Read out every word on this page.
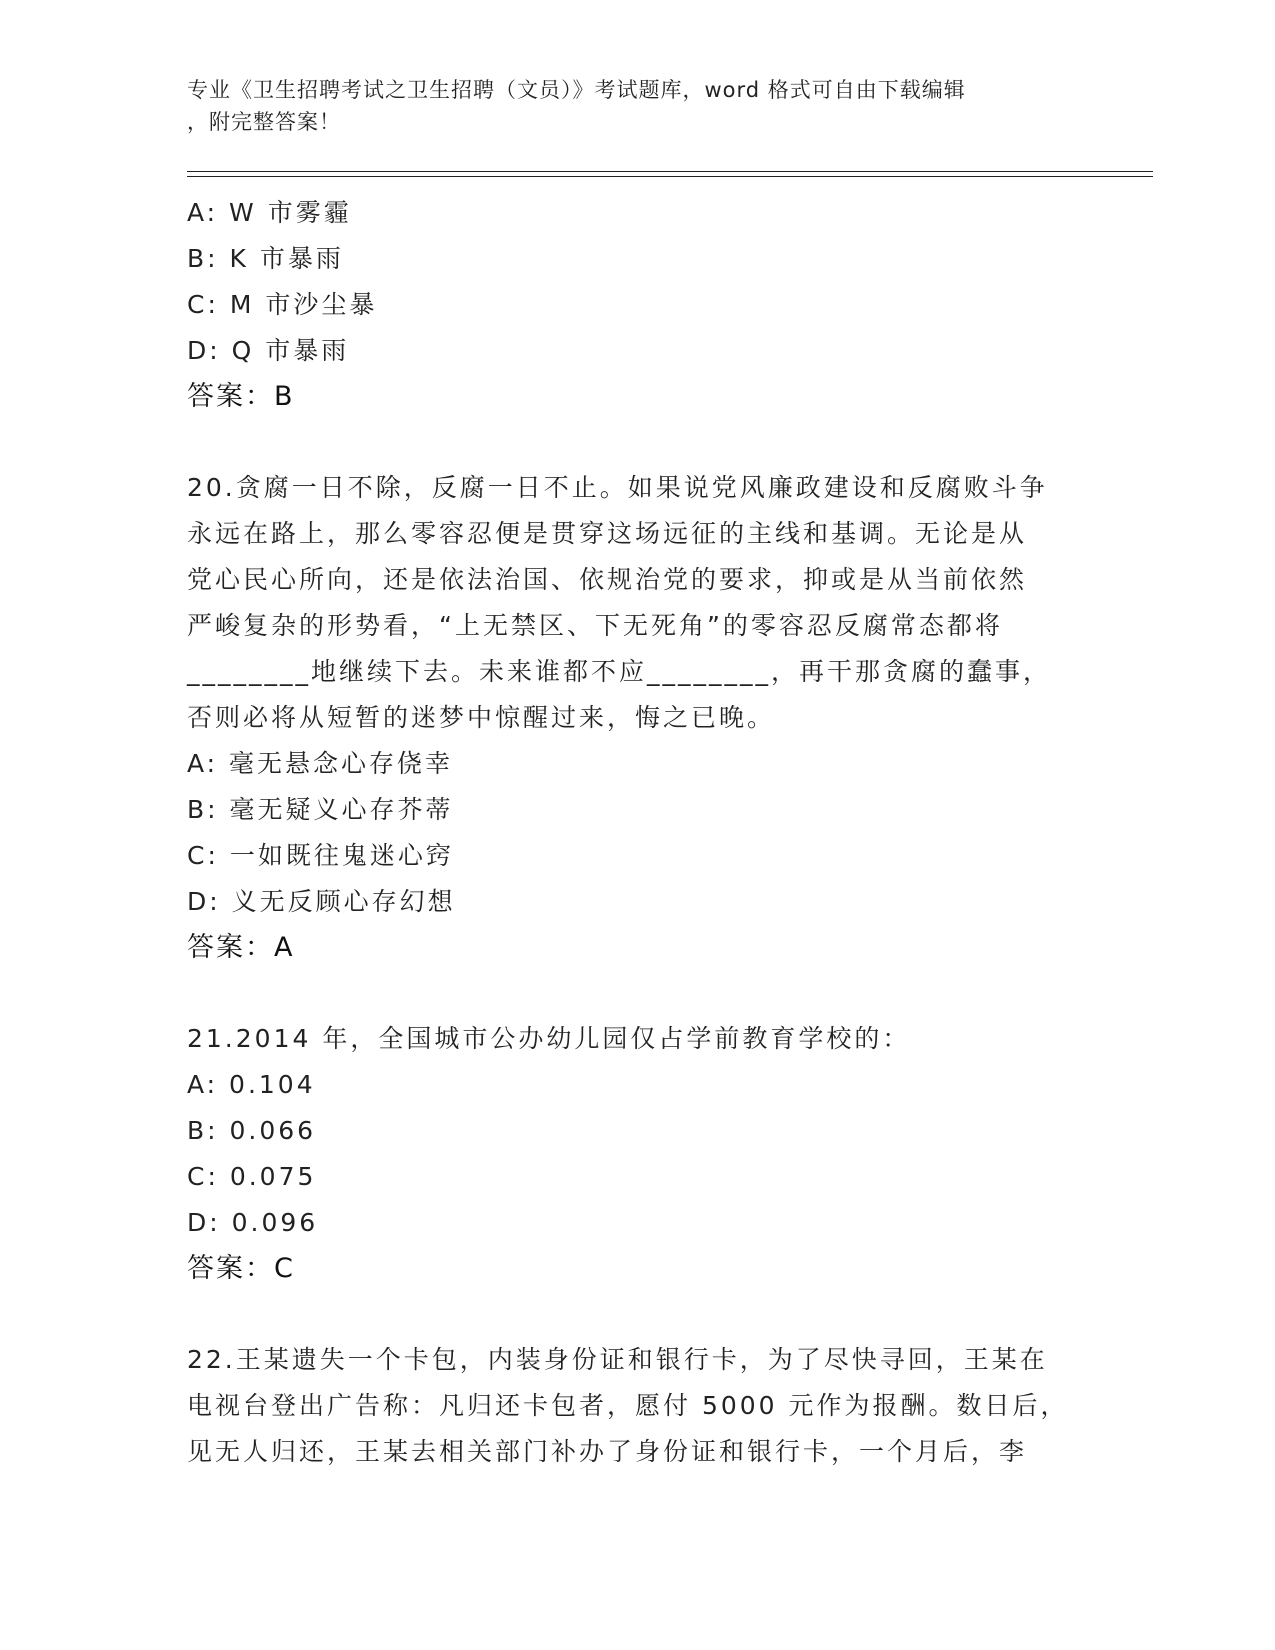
专业《卫生招聘考试之卫生招聘（文员）》考试题库，word 格式可自由下载编辑
，附完整答案！
A: W 市雾霾
B: K 市暴雨
C: M 市沙尘暴
D: Q 市暴雨
答案：B
20.贪腐一日不除，反腐一日不止。如果说党风廉政建设和反腐败斗争
永远在路上，那么零容忍便是贯穿这场远征的主线和基调。无论是从
党心民心所向，还是依法治国、依规治党的要求，抑或是从当前依然
严峻复杂的形势看，“上无禁区、下无死角”的零容忍反腐常态都将
________地继续下去。未来谁都不应________，再干那贪腐的蠢事，
否则必将从短暂的迷梦中惊醒过来，悔之已晚。
A: 毫无悬念心存侥幸
B: 毫无疑义心存芥蒂
C: 一如既往鬼迷心窍
D: 义无反顾心存幻想
答案：A
21.2014 年，全国城市公办幼儿园仅占学前教育学校的：
A: 0.104
B: 0.066
C: 0.075
D: 0.096
答案：C
22.王某遗失一个卡包，内装身份证和银行卡，为了尽快寻回，王某在
电视台登出广告称：凡归还卡包者，愿付 5000 元作为报酬。数日后，
见无人归还，王某去相关部门补办了身份证和银行卡，一个月后，李
